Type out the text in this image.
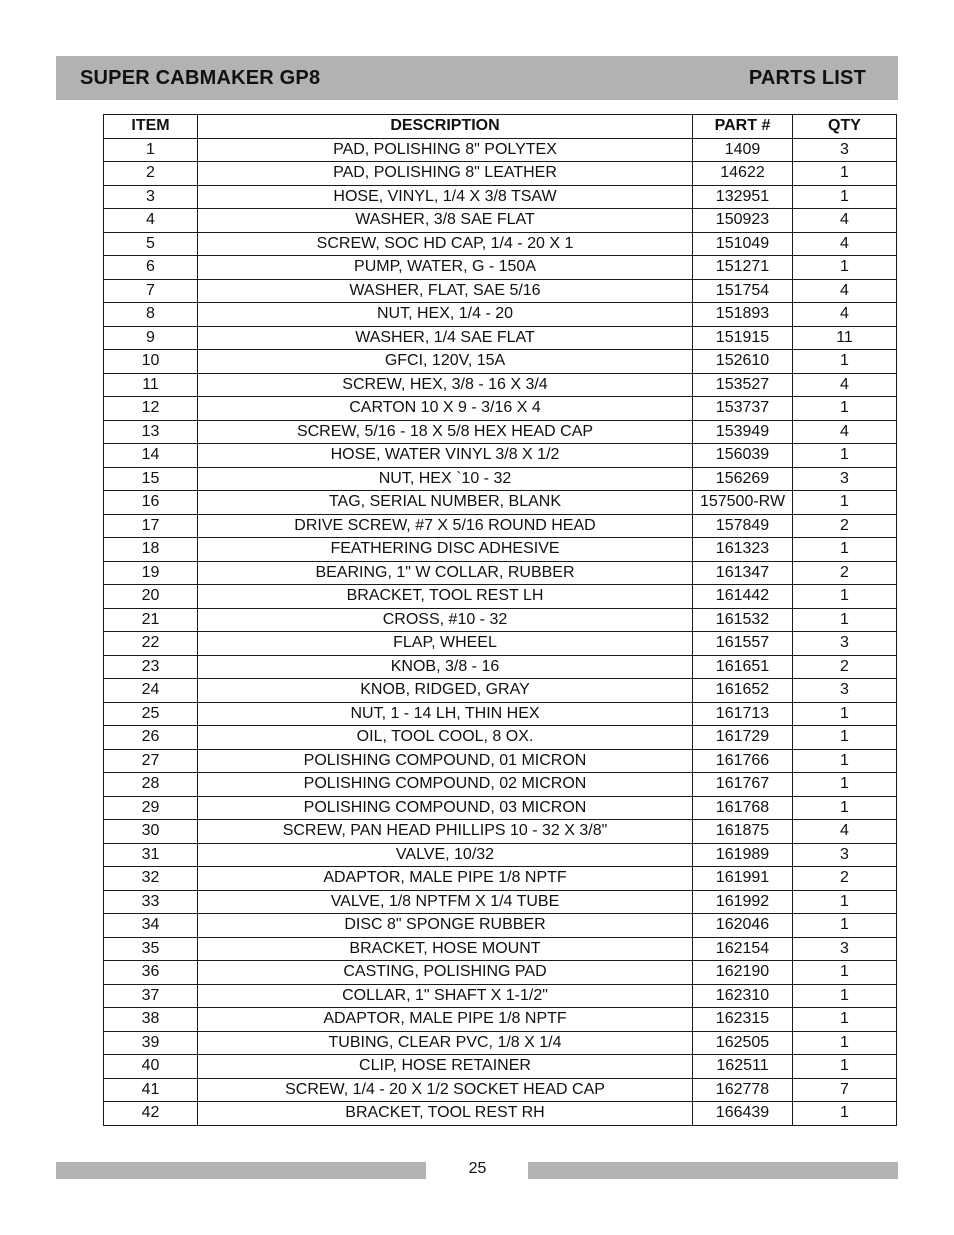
SUPER CABMAKER GP8	PARTS LIST
ITEM	DESCRIPTION	PART #	QTY
1	PAD, POLISHING 8" POLYTEX	1409	3
2	PAD, POLISHING 8" LEATHER	14622	1
3	HOSE, VINYL, 1/4 X 3/8 TSAW	132951	1
4	WASHER, 3/8 SAE FLAT	150923	4
5	SCREW, SOC HD CAP, 1/4 - 20 X 1	151049	4
6	PUMP, WATER, G - 150A	151271	1
7	WASHER, FLAT, SAE 5/16	151754	4
8	NUT, HEX, 1/4 - 20	151893	4
9	WASHER, 1/4 SAE FLAT	151915	11
10	GFCI, 120V, 15A	152610	1
11	SCREW, HEX, 3/8 - 16 X 3/4	153527	4
12	CARTON 10 X 9 - 3/16 X 4	153737	1
13	SCREW, 5/16 - 18 X 5/8 HEX HEAD CAP	153949	4
14	HOSE, WATER VINYL 3/8 X 1/2	156039	1
15	NUT, HEX `10 - 32	156269	3
16	TAG, SERIAL NUMBER, BLANK	157500-RW	1
17	DRIVE SCREW, #7 X 5/16 ROUND HEAD	157849	2
18	FEATHERING DISC ADHESIVE	161323	1
19	BEARING, 1" W COLLAR, RUBBER	161347	2
20	BRACKET, TOOL REST LH	161442	1
21	CROSS, #10 - 32	161532	1
22	FLAP, WHEEL	161557	3
23	KNOB, 3/8 - 16	161651	2
24	KNOB, RIDGED, GRAY	161652	3
25	NUT, 1 - 14 LH, THIN HEX	161713	1
26	OIL, TOOL COOL, 8 OX.	161729	1
27	POLISHING COMPOUND, 01 MICRON	161766	1
28	POLISHING COMPOUND, 02 MICRON	161767	1
29	POLISHING COMPOUND, 03 MICRON	161768	1
30	SCREW, PAN HEAD PHILLIPS 10 - 32 X 3/8"	161875	4
31	VALVE, 10/32	161989	3
32	ADAPTOR, MALE PIPE 1/8 NPTF	161991	2
33	VALVE, 1/8 NPTFM X 1/4 TUBE	161992	1
34	DISC 8" SPONGE RUBBER	162046	1
35	BRACKET, HOSE MOUNT	162154	3
36	CASTING, POLISHING PAD	162190	1
37	COLLAR, 1" SHAFT X 1-1/2"	162310	1
38	ADAPTOR, MALE PIPE 1/8 NPTF	162315	1
39	TUBING, CLEAR PVC, 1/8 X 1/4	162505	1
40	CLIP, HOSE RETAINER	162511	1
41	SCREW, 1/4 - 20 X 1/2 SOCKET HEAD CAP	162778	7
42	BRACKET, TOOL REST RH	166439	1
25
